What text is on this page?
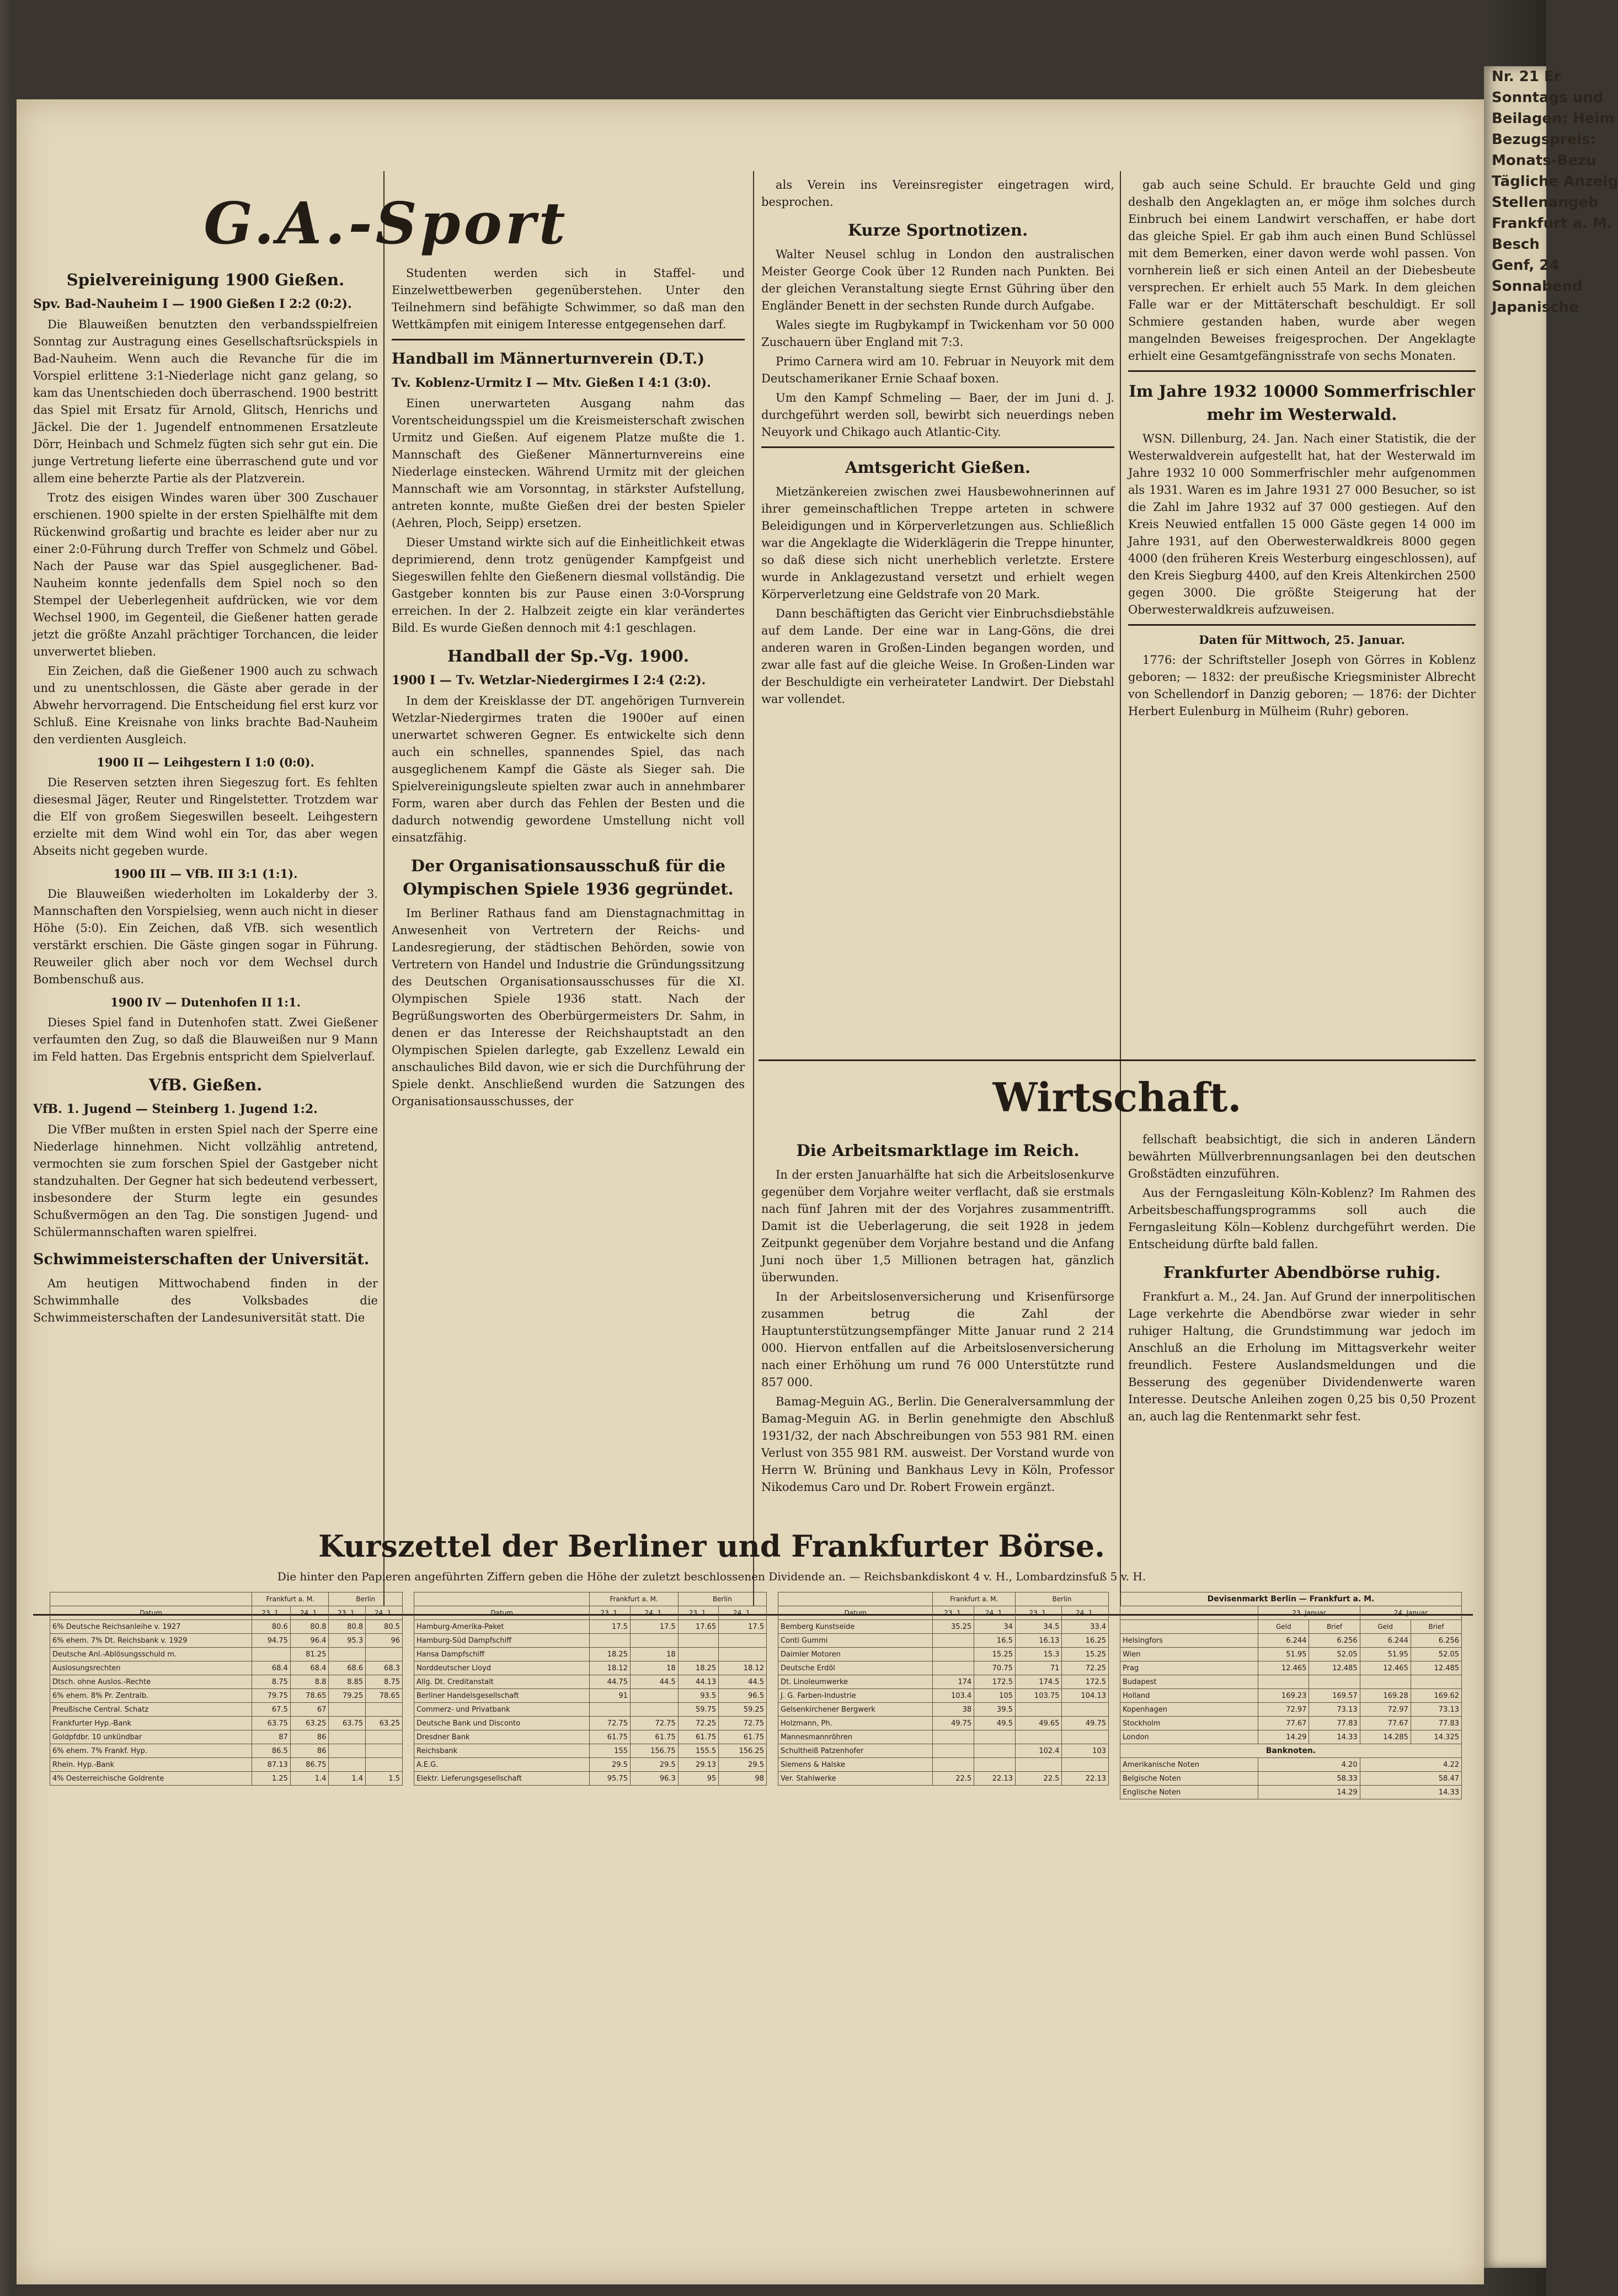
Nr. 21 Er
Sonntags und
Beilagen: Heim
Bezugspreis:
Monats-Bezu
Tägliche Anzeig
Stellenangeb
Frankfurt a. M.
Besch
Genf, 24
Sonnabend
Japanische
G.A.-Sport
Spielvereinigung 1900 Gießen.
Spv. Bad-Nauheim I — 1900 Gießen I 2:2 (0:2).

Die Blauweißen benutzten den verbandsspielfreien Sonntag zur Austragung eines Gesellschaftsrückspiels in Bad-Nauheim. Wenn auch die Revanche für die im Vorspiel erlittene 3:1-Niederlage nicht ganz gelang, so kam das Unentschieden doch überraschend. 1900 bestritt das Spiel mit Ersatz für Arnold, Glitsch, Henrichs und Jäckel. Die der 1. Jugendelf entnommenen Ersatzleute Dörr, Heinbach und Schmelz fügten sich sehr gut ein. Die junge Vertretung lieferte eine überraschend gute und vor allem eine beherzte Partie als der Platzverein.

Trotz des eisigen Windes waren über 300 Zuschauer erschienen. 1900 spielte in der ersten Spielhälfte mit dem Rückenwind großartig und brachte es leider aber nur zu einer 2:0-Führung durch Treffer von Schmelz und Göbel. Nach der Pause war das Spiel ausgeglichener. Bad-Nauheim konnte jedenfalls dem Spiel noch so den Stempel der Ueberlegenheit aufdrücken, wie vor dem Wechsel 1900, im Gegenteil, die Gießener hatten gerade jetzt die größte Anzahl prächtiger Torchancen, die leider unverwertet blieben.

Ein Zeichen, daß die Gießener 1900 auch zu schwach und zu unentschlossen, die Gäste aber gerade in der Abwehr hervorragend. Die Entscheidung fiel erst kurz vor Schluß. Eine Kreisnahe von links brachte Bad-Nauheim den verdienten Ausgleich.

1900 II — Leihgestern I 1:0 (0:0).

Die Reserven setzten ihren Siegeszug fort. Es fehlten diesesmal Jäger, Reuter und Ringelstetter. Trotzdem war die Elf von großem Siegeswillen beseelt. Leihgestern erzielte mit dem Wind wohl ein Tor, das aber wegen Abseits nicht gegeben wurde.

1900 III — VfB. III 3:1 (1:1).

Die Blauweißen wiederholten im Lokalderby der 3. Mannschaften den Vorspielsieg, wenn auch nicht in dieser Höhe (5:0). Ein Zeichen, daß VfB. sich wesentlich verstärkt erschien. Die Gäste gingen sogar in Führung. Reuweiler glich aber noch vor dem Wechsel durch Bombenschuß aus.

1900 IV — Dutenhofen II 1:1.

Dieses Spiel fand in Dutenhofen statt. Zwei Gießener verfaumten den Zug, so daß die Blauweißen nur 9 Mann im Feld hatten. Das Ergebnis entspricht dem Spielverlauf.

VfB. Gießen.
VfB. 1. Jugend — Steinberg 1. Jugend 1:2.

Die VfBer mußten in ersten Spiel nach der Sperre eine Niederlage hinnehmen. Nicht vollzählig antretend, vermochten sie zum forschen Spiel der Gastgeber nicht standzuhalten. Der Gegner hat sich bedeutend verbessert, insbesondere der Sturm legte ein gesundes Schußvermögen an den Tag. Die sonstigen Jugend- und Schülermannschaften waren spielfrei.

Schwimmeisterschaften der Universität.

Am heutigen Mittwochabend finden in der Schwimmhalle des Volksbades die Schwimmeisterschaften der Landesuniversität statt. Die

Studenten werden sich in Staffel- und Einzelwettbewerben gegenüberstehen. Unter den Teilnehmern sind befähigte Schwimmer, so daß man den Wettkämpfen mit einigem Interesse entgegensehen darf.

Handball im Männerturnverein (D.T.)
Tv. Koblenz-Urmitz I — Mtv. Gießen I 4:1 (3:0).

Einen unerwarteten Ausgang nahm das Vorentscheidungsspiel um die Kreismeisterschaft zwischen Urmitz und Gießen. Auf eigenem Platze mußte die 1. Mannschaft des Gießener Männerturnvereins eine Niederlage einstecken. Während Urmitz mit der gleichen Mannschaft wie am Vorsonntag, in stärkster Aufstellung, antreten konnte, mußte Gießen drei der besten Spieler (Aehren, Ploch, Seipp) ersetzen.

Dieser Umstand wirkte sich auf die Einheitlichkeit etwas deprimierend, denn trotz genügender Kampfgeist und Siegeswillen fehlte den Gießenern diesmal vollständig. Die Gastgeber konnten bis zur Pause einen 3:0-Vorsprung erreichen. In der 2. Halbzeit zeigte ein klar verändertes Bild. Es wurde Gießen dennoch mit 4:1 geschlagen.

Handball der Sp.-Vg. 1900.
1900 I — Tv. Wetzlar-Niedergirmes I 2:4 (2:2).

In dem der Kreisklasse der DT. angehörigen Turnverein Wetzlar-Niedergirmes traten die 1900er auf einen unerwartet schweren Gegner. Es entwickelte sich denn auch ein schnelles, spannendes Spiel, das nach ausgeglichenem Kampf die Gäste als Sieger sah. Die Spielvereinigungsleute spielten zwar auch in annehmbarer Form, waren aber durch das Fehlen der Besten und die dadurch notwendig gewordene Umstellung nicht voll einsatzfähig.

Der Organisationsausschuß für die Olympischen Spiele 1936 gegründet.

Im Berliner Rathaus fand am Dienstagnachmittag in Anwesenheit von Vertretern der Reichs- und Landesregierung, der städtischen Behörden, sowie von Vertretern von Handel und Industrie die Gründungssitzung des Deutschen Organisationsausschusses für die XI. Olympischen Spiele 1936 statt. Nach der Begrüßungsworten des Oberbürgermeisters Dr. Sahm, in denen er das Interesse der Reichshauptstadt an den Olympischen Spielen darlegte, gab Exzellenz Lewald ein anschauliches Bild davon, wie er sich die Durchführung der Spiele denkt. Anschließend wurden die Satzungen des Organisationsausschusses, der

als Verein ins Vereinsregister eingetragen wird, besprochen.

Kurze Sportnotizen.

Walter Neusel schlug in London den australischen Meister George Cook über 12 Runden nach Punkten. Bei der gleichen Veranstaltung siegte Ernst Gühring über den Engländer Benett in der sechsten Runde durch Aufgabe.

Wales siegte im Rugbykampf in Twickenham vor 50 000 Zuschauern über England mit 7:3.

Primo Carnera wird am 10. Februar in Neuyork mit dem Deutschamerikaner Ernie Schaaf boxen.

Um den Kampf Schmeling — Baer, der im Juni d. J. durchgeführt werden soll, bewirbt sich neuerdings neben Neuyork und Chikago auch Atlantic-City.

Amtsgericht Gießen.

Mietzänkereien zwischen zwei Hausbewohnerinnen auf ihrer gemeinschaftlichen Treppe arteten in schwere Beleidigungen und in Körperverletzungen aus. Schließlich war die Angeklagte die Widerklägerin die Treppe hinunter, so daß diese sich nicht unerheblich verletzte. Erstere wurde in Anklagezustand versetzt und erhielt wegen Körperverletzung eine Geldstrafe von 20 Mark.

Dann beschäftigten das Gericht vier Einbruchsdiebstähle auf dem Lande. Der eine war in Lang-Göns, die drei anderen waren in Großen-Linden begangen worden, und zwar alle fast auf die gleiche Weise. In Großen-Linden war der Beschuldigte ein verheirateter Landwirt. Der Diebstahl war vollendet.

gab auch seine Schuld. Er brauchte Geld und ging deshalb den Angeklagten an, er möge ihm solches durch Einbruch bei einem Landwirt verschaffen, er habe dort das gleiche Spiel. Er gab ihm auch einen Bund Schlüssel mit dem Bemerken, einer davon werde wohl passen. Von vornherein ließ er sich einen Anteil an der Diebesbeute versprechen. Er erhielt auch 55 Mark. In dem gleichen Falle war er der Mittäterschaft beschuldigt. Er soll Schmiere gestanden haben, wurde aber wegen mangelnden Beweises freigesprochen. Der Angeklagte erhielt eine Gesamtgefängnisstrafe von sechs Monaten.

Im Jahre 1932 10000 Sommerfrischler mehr im Westerwald.

WSN. Dillenburg, 24. Jan. Nach einer Statistik, die der Westerwaldverein aufgestellt hat, hat der Westerwald im Jahre 1932 10 000 Sommerfrischler mehr aufgenommen als 1931. Waren es im Jahre 1931 27 000 Besucher, so ist die Zahl im Jahre 1932 auf 37 000 gestiegen. Auf den Kreis Neuwied entfallen 15 000 Gäste gegen 14 000 im Jahre 1931, auf den Oberwesterwaldkreis 8000 gegen 4000 (den früheren Kreis Westerburg eingeschlossen), auf den Kreis Siegburg 4400, auf den Kreis Altenkirchen 2500 gegen 3000. Die größte Steigerung hat der Oberwesterwaldkreis aufzuweisen.

Daten für Mittwoch, 25. Januar.

1776: der Schriftsteller Joseph von Görres in Koblenz geboren; — 1832: der preußische Kriegsminister Albrecht von Schellendorf in Danzig geboren; — 1876: der Dichter Herbert Eulenburg in Mülheim (Ruhr) geboren.

Wirtschaft.
Die Arbeitsmarktlage im Reich.

In der ersten Januarhälfte hat sich die Arbeitslosenkurve gegenüber dem Vorjahre weiter verflacht, daß sie erstmals nach fünf Jahren mit der des Vorjahres zusammentrifft. Damit ist die Ueberlagerung, die seit 1928 in jedem Zeitpunkt gegenüber dem Vorjahre bestand und die Anfang Juni noch über 1,5 Millionen betragen hat, gänzlich überwunden.

In der Arbeitslosenversicherung und Krisenfürsorge zusammen betrug die Zahl der Hauptunterstützungsempfänger Mitte Januar rund 2 214 000. Hiervon entfallen auf die Arbeitslosenversicherung nach einer Erhöhung um rund 76 000 Unterstützte rund 857 000.

Bamag-Meguin AG., Berlin. Die Generalversammlung der Bamag-Meguin AG. in Berlin genehmigte den Abschluß 1931/32, der nach Abschreibungen von 553 981 RM. einen Verlust von 355 981 RM. ausweist. Der Vorstand wurde von Herrn W. Brüning und Bankhaus Levy in Köln, Professor Nikodemus Caro und Dr. Robert Frowein ergänzt.

fellschaft beabsichtigt, die sich in anderen Ländern bewährten Müllverbrennungsanlagen bei den deutschen Großstädten einzuführen.

Aus der Ferngasleitung Köln-Koblenz? Im Rahmen des Arbeitsbeschaffungsprogramms soll auch die Ferngasleitung Köln—Koblenz durchgeführt werden. Die Entscheidung dürfte bald fallen.

Frankfurter Abendbörse ruhig.

Frankfurt a. M., 24. Jan. Auf Grund der innerpolitischen Lage verkehrte die Abendbörse zwar wieder in sehr ruhiger Haltung, die Grundstimmung war jedoch im Anschluß an die Erholung im Mittagsverkehr weiter freundlich. Festere Auslandsmeldungen und die Besserung des gegenüber Dividendenwerte waren Interesse. Deutsche Anleihen zogen 0,25 bis 0,50 Prozent an, auch lag die Rentenmarkt sehr fest.

Kurszettel der Berliner und Frankfurter Börse.
Die hinter den Papieren angeführten Ziffern geben die Höhe der zuletzt beschlossenen Dividende an. — Reichsbankdiskont 4 v. H., Lombardzinsfuß 5 v. H.
	Frankfurt a. M.		Berlin	
Datum	23. 1.	24. 1.	23. 1.	24. 1.
6% Deutsche Reichsanleihe v. 1927	80.6	80.8	80.8	80.5
6% ehem. 7% Dt. Reichsbank v. 1929	94.75	96.4	95.3	96
Deutsche Anl.-Ablösungsschuld m.		81.25		
Auslosungsrechten	68.4	68.4	68.6	68.3
Dtsch. ohne Auslos.-Rechte	8.75	8.8	8.85	8.75
6% ehem. 8% Pr. Zentralb.	79.75	78.65	79.25	78.65
Preußische Central. Schatz	67.5	67		
Frankfurter Hyp.-Bank	63.75	63.25	63.75	63.25
Goldpfdbr. 10 unkündbar	87	86		
6% ehem. 7% Frankf. Hyp.	86.5	86		
Rhein. Hyp.-Bank	87.13	86.75		
4% Oesterreichische Goldrente	1.25	1.4	1.4	1.5
	Frankfurt a. M.		Berlin	
Datum	23. 1.	24. 1.	23. 1.	24. 1.
Hamburg-Amerika-Paket	17.5	17.5	17.65	17.5
Hamburg-Süd Dampfschiff				
Hansa Dampfschiff	18.25	18		
Norddeutscher Lloyd	18.12	18	18.25	18.12
Allg. Dt. Creditanstalt	44.75	44.5	44.13	44.5
Berliner Handelsgesellschaft	91		93.5	96.5
Commerz- und Privatbank			59.75	59.25
Deutsche Bank und Disconto	72.75	72.75	72.25	72.75
Dresdner Bank	61.75	61.75	61.75	61.75
Reichsbank	155	156.75	155.5	156.25
A.E.G.	29.5	29.5	29.13	29.5
Elektr. Lieferungsgesellschaft	95.75	96.3	95	98
	Frankfurt a. M.		Berlin	
Datum	23. 1.	24. 1.	23. 1.	24. 1.
Bemberg Kunstseide	35.25	34	34.5	33.4
Conti Gummi		16.5	16.13	16.25
Daimler Motoren		15.25	15.3	15.25
Deutsche Erdöl		70.75	71	72.25
Dt. Linoleumwerke	174	172.5	174.5	172.5
J. G. Farben-Industrie	103.4	105	103.75	104.13
Gelsenkirchener Bergwerk	38	39.5		
Holzmann, Ph.	49.75	49.5	49.65	49.75
Mannesmannröhren				
Schultheiß Patzenhofer			102.4	103
Siemens & Halske				
Ver. Stahlwerke	22.5	22.13	22.5	22.13
Devisenmarkt Berlin — Frankfurt a. M.				
	23. Januar		24. Januar	
	Geld	Brief	Geld	Brief
Helsingfors	6.244	6.256	6.244	6.256
Wien	51.95	52.05	51.95	52.05
Prag	12.465	12.485	12.465	12.485
Budapest				
Holland	169.23	169.57	169.28	169.62
Kopenhagen	72.97	73.13	72.97	73.13
Stockholm	77.67	77.83	77.67	77.83
London	14.29	14.33	14.285	14.325
Banknoten.				
Amerikanische Noten	4.20		4.22	
Belgische Noten	58.33		58.47	
Englische Noten	14.29		14.33	
